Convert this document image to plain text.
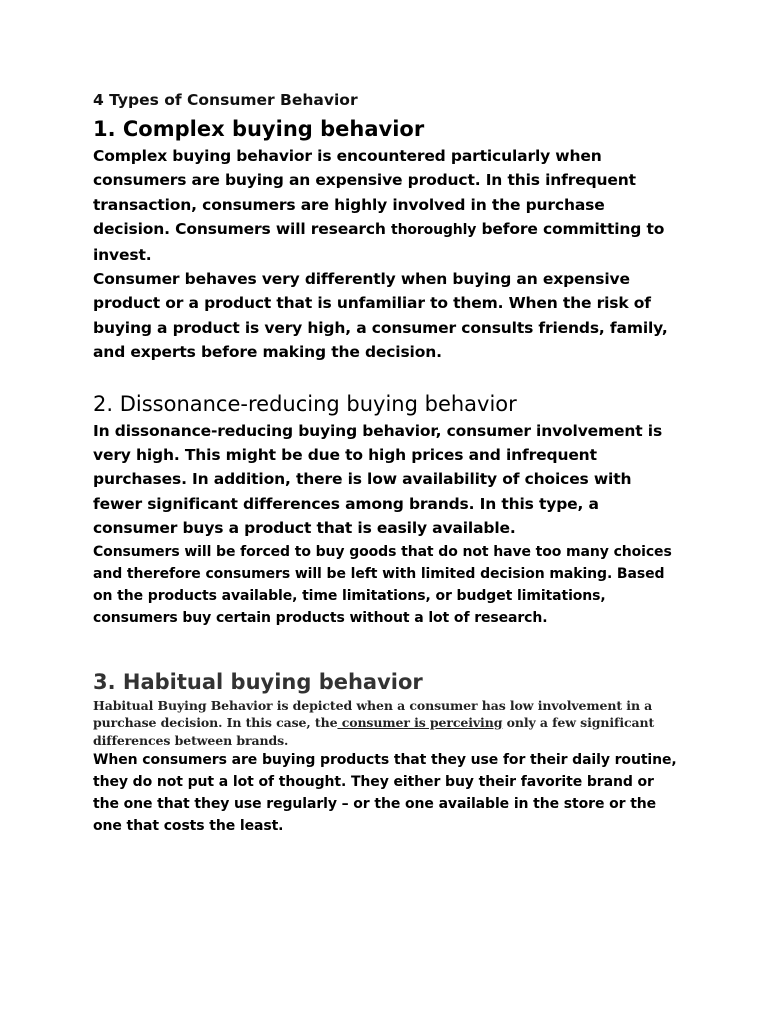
4 Types of Consumer Behavior

1. Complex buying behavior

Complex buying behavior is encountered particularly when consumers are buying an expensive product. In this infrequent transaction, consumers are highly involved in the purchase decision. Consumers will research thoroughly before committing to invest.

Consumer behaves very differently when buying an expensive product or a product that is unfamiliar to them. When the risk of buying a product is very high, a consumer consults friends, family, and experts before making the decision.

2. Dissonance-reducing buying behavior

In dissonance-reducing buying behavior, consumer involvement is very high. This might be due to high prices and infrequent purchases. In addition, there is low availability of choices with fewer significant differences among brands. In this type, a consumer buys a product that is easily available.

Consumers will be forced to buy goods that do not have too many choices and therefore consumers will be left with limited decision making. Based on the products available, time limitations, or budget limitations, consumers buy certain products without a lot of research.

3. Habitual buying behavior

Habitual Buying Behavior is depicted when a consumer has low involvement in a purchase decision. In this case, the consumer is perceiving only a few significant differences between brands.

When consumers are buying products that they use for their daily routine, they do not put a lot of thought. They either buy their favorite brand or the one that they use regularly – or the one available in the store or the one that costs the least.
